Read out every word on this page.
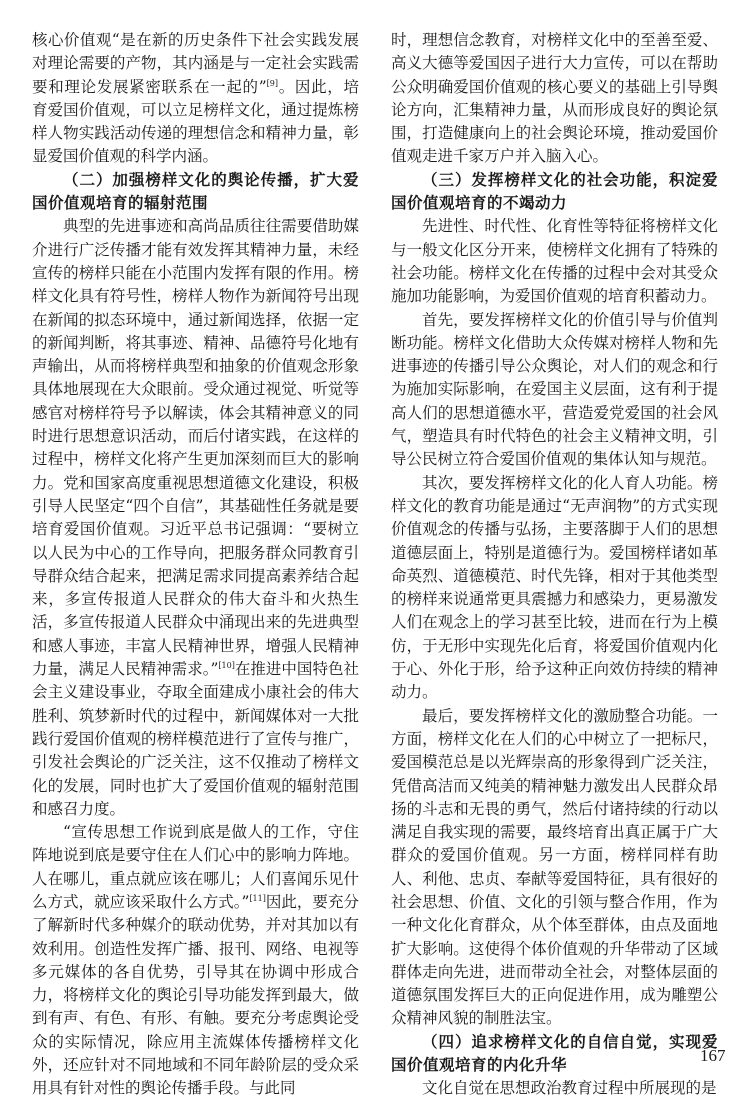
核心价值观“是在新的历史条件下社会实践发展对理论需要的产物，其内涵是与一定社会实践需要和理论发展紧密联系在一起的”[9]。因此，培育爱国价值观，可以立足榜样文化，通过提炼榜样人物实践活动传递的理想信念和精神力量，彰显爱国价值观的科学内涵。

（二）加强榜样文化的舆论传播，扩大爱国价值观培育的辐射范围

典型的先进事迹和高尚品质往往需要借助媒介进行广泛传播才能有效发挥其精神力量，未经宣传的榜样只能在小范围内发挥有限的作用。榜样文化具有符号性，榜样人物作为新闻符号出现在新闻的拟态环境中，通过新闻选择，依据一定的新闻判断，将其事迹、精神、品德符号化地有声输出，从而将榜样典型和抽象的价值观念形象具体地展现在大众眼前。受众通过视觉、听觉等感官对榜样符号予以解读，体会其精神意义的同时进行思想意识活动，而后付诸实践，在这样的过程中，榜样文化将产生更加深刻而巨大的影响力。党和国家高度重视思想道德文化建设，积极引导人民坚定“四个自信”，其基础性任务就是要培育爱国价值观。习近平总书记强调：“要树立以人民为中心的工作导向，把服务群众同教育引导群众结合起来，把满足需求同提高素养结合起来，多宣传报道人民群众的伟大奋斗和火热生活，多宣传报道人民群众中涌现出来的先进典型和感人事迹，丰富人民精神世界，增强人民精神力量，满足人民精神需求。”[10]在推进中国特色社会主义建设事业，夺取全面建成小康社会的伟大胜利、筑梦新时代的过程中，新闻媒体对一大批践行爱国价值观的榜样模范进行了宣传与推广，引发社会舆论的广泛关注，这不仅推动了榜样文化的发展，同时也扩大了爱国价值观的辐射范围和感召力度。

“宣传思想工作说到底是做人的工作，守住阵地说到底是要守住在人们心中的影响力阵地。人在哪儿，重点就应该在哪儿；人们喜闻乐见什么方式，就应该采取什么方式。”[11]因此，要充分了解新时代多种媒介的联动优势，并对其加以有效利用。创造性发挥广播、报刊、网络、电视等多元媒体的各自优势，引导其在协调中形成合力，将榜样文化的舆论引导功能发挥到最大，做到有声、有色、有形、有触。要充分考虑舆论受众的实际情况，除应用主流媒体传播榜样文化外，还应针对不同地域和不同年龄阶层的受众采用具有针对性的舆论传播手段。与此同

时，理想信念教育，对榜样文化中的至善至爱、高义大德等爱国因子进行大力宣传，可以在帮助公众明确爱国价值观的核心要义的基础上引导舆论方向，汇集精神力量，从而形成良好的舆论氛围，打造健康向上的社会舆论环境，推动爱国价值观走进千家万户并入脑入心。

（三）发挥榜样文化的社会功能，积淀爱国价值观培育的不竭动力

先进性、时代性、化育性等特征将榜样文化与一般文化区分开来，使榜样文化拥有了特殊的社会功能。榜样文化在传播的过程中会对其受众施加功能影响，为爱国价值观的培育积蓄动力。

首先，要发挥榜样文化的价值引导与价值判断功能。榜样文化借助大众传媒对榜样人物和先进事迹的传播引导公众舆论，对人们的观念和行为施加实际影响，在爱国主义层面，这有利于提高人们的思想道德水平，营造爱党爱国的社会风气，塑造具有时代特色的社会主义精神文明，引导公民树立符合爱国价值观的集体认知与规范。

其次，要发挥榜样文化的化人育人功能。榜样文化的教育功能是通过“无声润物”的方式实现价值观念的传播与弘扬，主要落脚于人们的思想道德层面上，特别是道德行为。爱国榜样诸如革命英烈、道德模范、时代先锋，相对于其他类型的榜样来说通常更具震撼力和感染力，更易激发人们在观念上的学习甚至比较，进而在行为上模仿，于无形中实现先化后育，将爱国价值观内化于心、外化于形，给予这种正向效仿持续的精神动力。

最后，要发挥榜样文化的激励整合功能。一方面，榜样文化在人们的心中树立了一把标尺，爱国模范总是以光辉崇高的形象得到广泛关注，凭借高洁而又纯美的精神魅力激发出人民群众昂扬的斗志和无畏的勇气，然后付诸持续的行动以满足自我实现的需要，最终培育出真正属于广大群众的爱国价值观。另一方面，榜样同样有助人、利他、忠贞、奉献等爱国特征，具有很好的社会思想、价值、文化的引领与整合作用，作为一种文化化育群众，从个体至群体，由点及面地扩大影响。这使得个体价值观的升华带动了区域群体走向先进，进而带动全社会，对整体层面的道德氛围发挥巨大的正向促进作用，成为雕塑公众精神风貌的制胜法宝。

（四）追求榜样文化的自信自觉，实现爱国价值观培育的内化升华

文化自觉在思想政治教育过程中所展现的是

167
